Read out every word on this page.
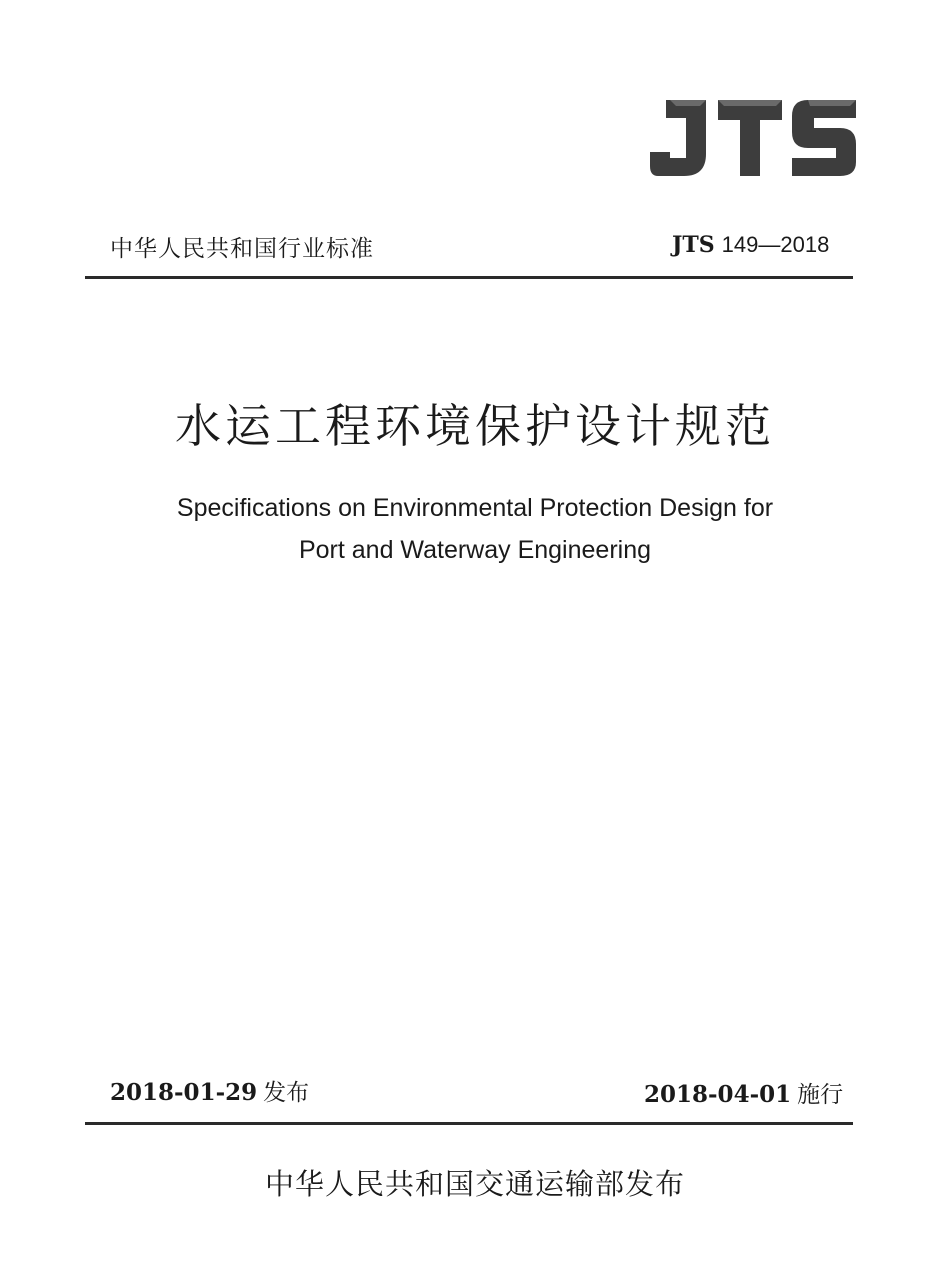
中华人民共和国行业标准	JTS 149—2018
水运工程环境保护设计规范
Specifications on Environmental Protection Design for
Port and Waterway Engineering
2018-01-29 发布	2018-04-01 施行
中华人民共和国交通运输部发布
